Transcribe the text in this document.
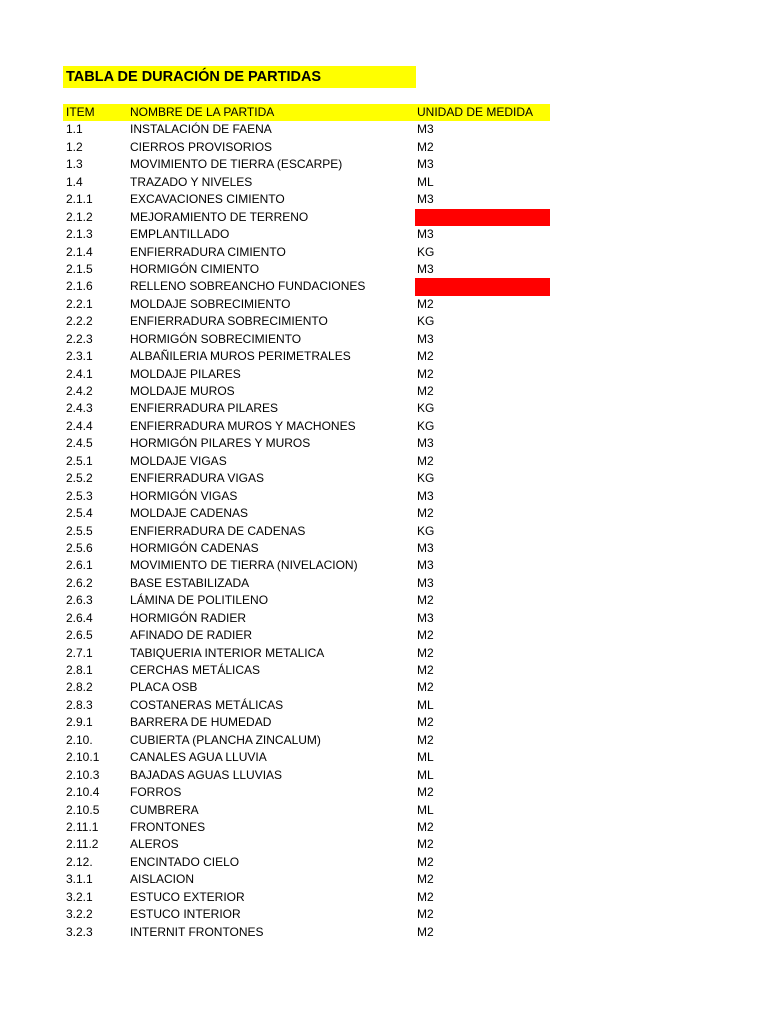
TABLA DE DURACIÓN DE PARTIDAS
ITEM	NOMBRE DE LA PARTIDA	UNIDAD DE MEDIDA
1.1	INSTALACIÓN DE FAENA	M3
1.2	CIERROS PROVISORIOS	M2
1.3	MOVIMIENTO DE TIERRA (ESCARPE)	M3
1.4	TRAZADO Y NIVELES	ML
2.1.1	EXCAVACIONES CIMIENTO	M3
2.1.2	MEJORAMIENTO DE TERRENO
2.1.3	EMPLANTILLADO	M3
2.1.4	ENFIERRADURA CIMIENTO	KG
2.1.5	HORMIGÓN CIMIENTO	M3
2.1.6	RELLENO SOBREANCHO FUNDACIONES
2.2.1	MOLDAJE SOBRECIMIENTO	M2
2.2.2	ENFIERRADURA SOBRECIMIENTO	KG
2.2.3	HORMIGÓN SOBRECIMIENTO	M3
2.3.1	ALBAÑILERIA MUROS PERIMETRALES	M2
2.4.1	MOLDAJE PILARES	M2
2.4.2	MOLDAJE MUROS	M2
2.4.3	ENFIERRADURA PILARES	KG
2.4.4	ENFIERRADURA MUROS Y MACHONES	KG
2.4.5	HORMIGÓN PILARES Y MUROS	M3
2.5.1	MOLDAJE VIGAS	M2
2.5.2	ENFIERRADURA VIGAS	KG
2.5.3	HORMIGÓN VIGAS	M3
2.5.4	MOLDAJE CADENAS	M2
2.5.5	ENFIERRADURA DE CADENAS	KG
2.5.6	HORMIGÓN CADENAS	M3
2.6.1	MOVIMIENTO DE TIERRA (NIVELACION)	M3
2.6.2	BASE ESTABILIZADA	M3
2.6.3	LÁMINA DE POLITILENO	M2
2.6.4	HORMIGÓN RADIER	M3
2.6.5	AFINADO DE RADIER	M2
2.7.1	TABIQUERIA INTERIOR METALICA	M2
2.8.1	CERCHAS METÁLICAS	M2
2.8.2	PLACA OSB	M2
2.8.3	COSTANERAS METÁLICAS	ML
2.9.1	BARRERA DE HUMEDAD	M2
2.10.	CUBIERTA (PLANCHA ZINCALUM)	M2
2.10.1	CANALES AGUA LLUVIA	ML
2.10.3	BAJADAS AGUAS LLUVIAS	ML
2.10.4	FORROS	M2
2.10.5	CUMBRERA	ML
2.11.1	FRONTONES	M2
2.11.2	ALEROS	M2
2.12.	ENCINTADO CIELO	M2
3.1.1	AISLACION	M2
3.2.1	ESTUCO EXTERIOR	M2
3.2.2	ESTUCO INTERIOR	M2
3.2.3	INTERNIT FRONTONES	M2
